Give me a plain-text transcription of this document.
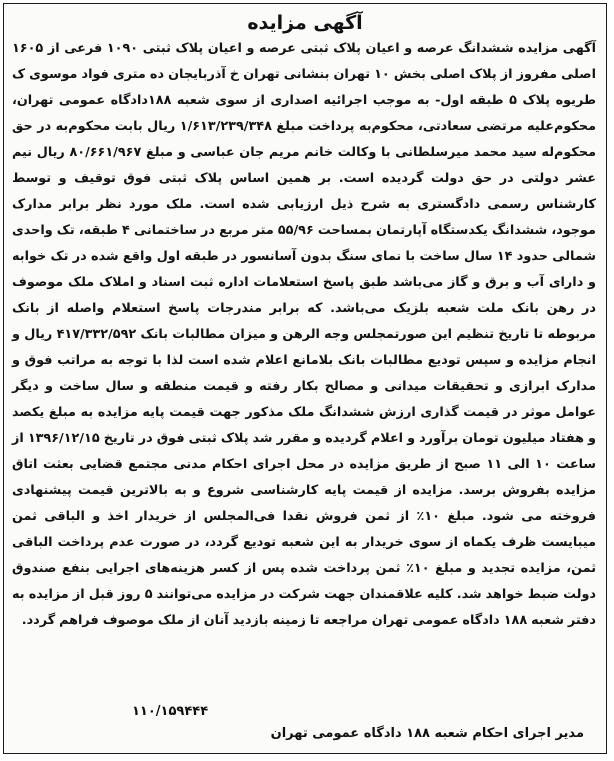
آگهی مزایده

آگهی مزایده ششدانگ عرصه و اعیان پلاک ثبتی عرصه و اعیان پلاک ثبتی ۱۰۹۰ فرعی از ۱۶۰۵ اصلی مفروز از پلاک اصلی بخش ۱۰ تهران بنشانی تهران خ آذربایجان ده متری فواد موسوی ک طریوه پلاک ۵ طبقه اول- به موجب اجرائیه اصداری از سوی شعبه ۱۸۸دادگاه عمومی تهران، محکوم‌علیه مرتضی سعادتی، محکوم‌به پرداخت مبلغ ۱/۶۱۳/۲۳۹/۳۴۸ ریال بابت محکوم‌به در حق محکوم‌له سید محمد میرسلطانی با وکالت خانم مریم جان عباسی و مبلغ ۸۰/۶۶۱/۹۶۷ ریال نیم عشر دولتی در حق دولت گردیده است. بر همین اساس پلاک ثبتی فوق توقیف و توسط کارشناس رسمی دادگستری به شرح ذیل ارزیابی شده است. ملک مورد نظر برابر مدارک موجود، ششدانگ یکدستگاه آپارتمان بمساحت ۵۵/۹۶ متر مربع در ساختمانی ۴ طبقه، تک واحدی شمالی حدود ۱۴ سال ساخت با نمای سنگ بدون آسانسور در طبقه اول واقع شده در تک خوابه و دارای آب و برق و گاز می‌باشد طبق پاسخ استعلامات اداره ثبت اسناد و املاک ملک موصوف در رهن بانک ملت شعبه بلزیک می‌باشد. که برابر مندرجات پاسخ استعلام واصله از بانک مربوطه تا تاریخ تنظیم این صورتمجلس وجه الرهن و میزان مطالبات بانک ۴۱۷/۳۳۲/۵۹۲ ریال و انجام مزایده و سپس تودیع مطالبات بانک بلامانع اعلام شده است لذا با توجه به مراتب فوق و مدارک ابرازی و تحقیقات میدانی و مصالح بکار رفته و قیمت منطقه و سال ساخت و دیگر عوامل موثر در قیمت گذاری ارزش ششدانگ ملک مذکور جهت قیمت پایه مزایده به مبلغ یکصد و هفتاد میلیون تومان برآورد و اعلام گردیده و مقرر شد پلاک ثبتی فوق در تاریخ ۱۳۹۶/۱۲/۱۵ از ساعت ۱۰ الی ۱۱ صبح از طریق مزایده در محل اجرای احکام مدنی مجتمع قضایی بعثت اتاق مزایده بفروش برسد. مزایده از قیمت پایه کارشناسی شروع و به بالاترین قیمت پیشنهادی فروخته می شود. مبلغ ۱۰٪ از ثمن فروش نقدا فی‌المجلس از خریدار اخذ و الباقی ثمن میبایست ظرف یکماه از سوی خریدار به این شعبه تودیع گردد، در صورت عدم پرداخت الباقی ثمن، مزایده تجدید و مبلغ ۱۰٪ ثمن پرداخت شده پس از کسر هزینه‌های اجرایی بنفع صندوق دولت ضبط خواهد شد. کلیه علاقمندان جهت شرکت در مزایده می‌توانند ۵ روز قبل از مزایده به دفتر شعبه ۱۸۸ دادگاه عمومی تهران مراجعه تا زمینه بازدید آنان از ملک موصوف فراهم گردد.

۱۱۰/۱۵۹۴۴۴
مدیر اجرای احکام شعبه ۱۸۸ دادگاه عمومی تهران
